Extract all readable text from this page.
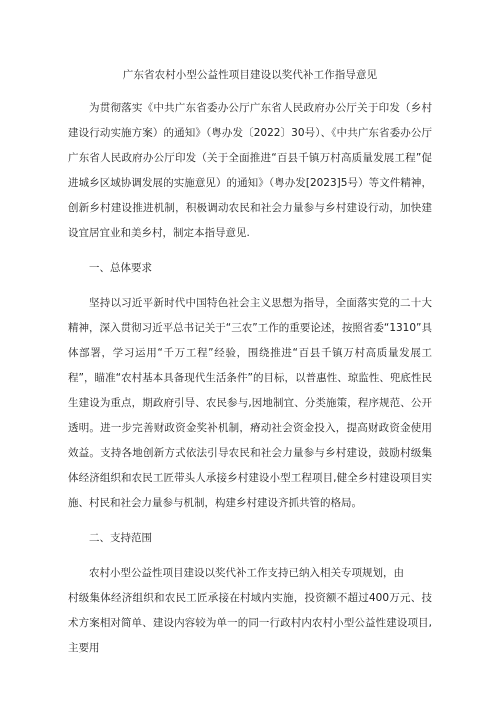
广东省农村小型公益性项目建设以奖代补工作指导意见

为贯彻落实《中共广东省委办公厅广东省人民政府办公厅关于印发（乡村建设行动实施方案）的通知》（粤办发〔2022〕30号）、《中共广东省委办公厅广东省人民政府办公厅印发（关于全面推进“百县千镇万村高质量发展工程”促进城乡区域协调发展的实施意见）的通知》（粤办发[2023]5号）等文件精神，创新乡村建设推进机制，积极调动农民和社会力量参与乡村建设行动，加快建设宜居宜业和美乡村，制定本指导意见.

一、总体要求

坚持以习近平新时代中国特色社会主义思想为指导，全面落实党的二十大精神，深入贯彻习近平总书记关于“三农”工作的重要论述，按照省委“1310”具体部署，学习运用“千万工程”经验，围绕推进“百县千镇万村高质量发展工程”，瞄准“农村基本具备现代生活条件”的目标，以普惠性、琼监性、兜底性民生建设为重点，期政府引导、农民参与,因地制宜、分类施策，程序规范、公开透明。进一步完善财政资金奖补机制，瘠动社会资金投入，提高财政资金使用效益。支持各地创新方式依法引导农民和社会力量参与乡村建设，鼓励村级集体经济组织和农民工匠带头人承接乡村建设小型工程项目,健全乡村建设项目实施、村民和社会力量参与机制，构建乡村建设齐抓共管的格局。

二、支持范围

农村小型公益性项目建设以奖代补工作支持已纳入相关专项规划，由

村级集体经济组织和农民工匠承接在村域内实施，投资额不超过400万元、技术方案相对简单、建设内容较为单一的同一行政村内农村小型公益性建设项目,主要用
